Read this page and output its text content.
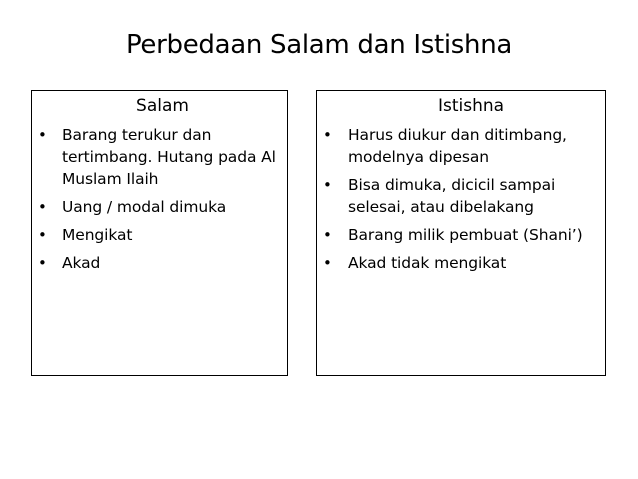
Perbedaan Salam dan Istishna
Salam
• Barang terukur dan tertimbang. Hutang pada Al Muslam Ilaih
• Uang / modal dimuka
• Mengikat
• Akad
Istishna
• Harus diukur dan ditimbang, modelnya dipesan
• Bisa dimuka, dicicil sampai selesai, atau dibelakang
• Barang milik pembuat (Shani’)
• Akad tidak mengikat
